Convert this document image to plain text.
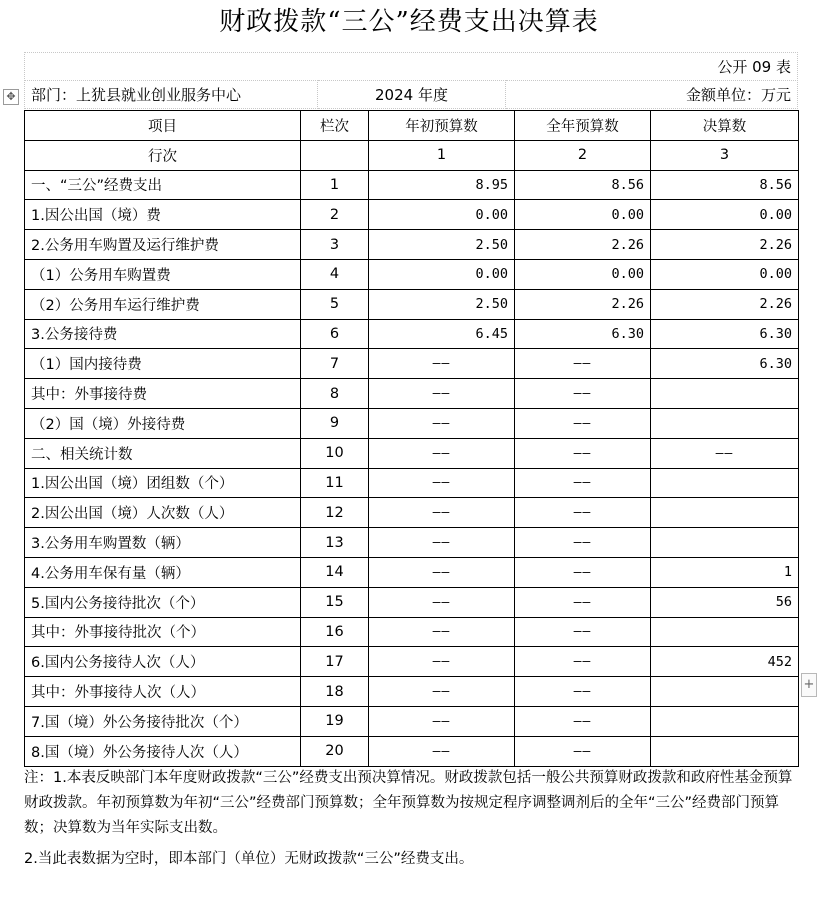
财政拨款“三公”经费支出决算表
公开 09 表
部门：上犹县就业创业服务中心	2024 年度	金额单位：万元
✥
项目	栏次	年初预算数	全年预算数	决算数
行次		1	2	3
一、“三公”经费支出	1	8.95	8.56	8.56
1.因公出国（境）费	2	0.00	0.00	0.00
2.公务用车购置及运行维护费	3	2.50	2.26	2.26
（1）公务用车购置费	4	0.00	0.00	0.00
（2）公务用车运行维护费	5	2.50	2.26	2.26
3.公务接待费	6	6.45	6.30	6.30
（1）国内接待费	7	——	——	6.30
其中：外事接待费	8	——	——	
（2）国（境）外接待费	9	——	——	
二、相关统计数	10	——	——	——
1.因公出国（境）团组数（个）	11	——	——	
2.因公出国（境）人次数（人）	12	——	——	
3.公务用车购置数（辆）	13	——	——	
4.公务用车保有量（辆）	14	——	——	1
5.国内公务接待批次（个）	15	——	——	56
其中：外事接待批次（个）	16	——	——	
6.国内公务接待人次（人）	17	——	——	452
其中：外事接待人次（人）	18	——	——	
7.国（境）外公务接待批次（个）	19	——	——	
8.国（境）外公务接待人次（人）	20	——	——	
+

注：1.本表反映部门本年度财政拨款“三公”经费支出预决算情况。财政拨款包括一般公共预算财政拨款和政府性基金预算财政拨款。年初预算数为年初“三公”经费部门预算数；全年预算数为按规定程序调整调剂后的全年“三公”经费部门预算数；决算数为当年实际支出数。

2.当此表数据为空时，即本部门（单位）无财政拨款“三公”经费支出。
